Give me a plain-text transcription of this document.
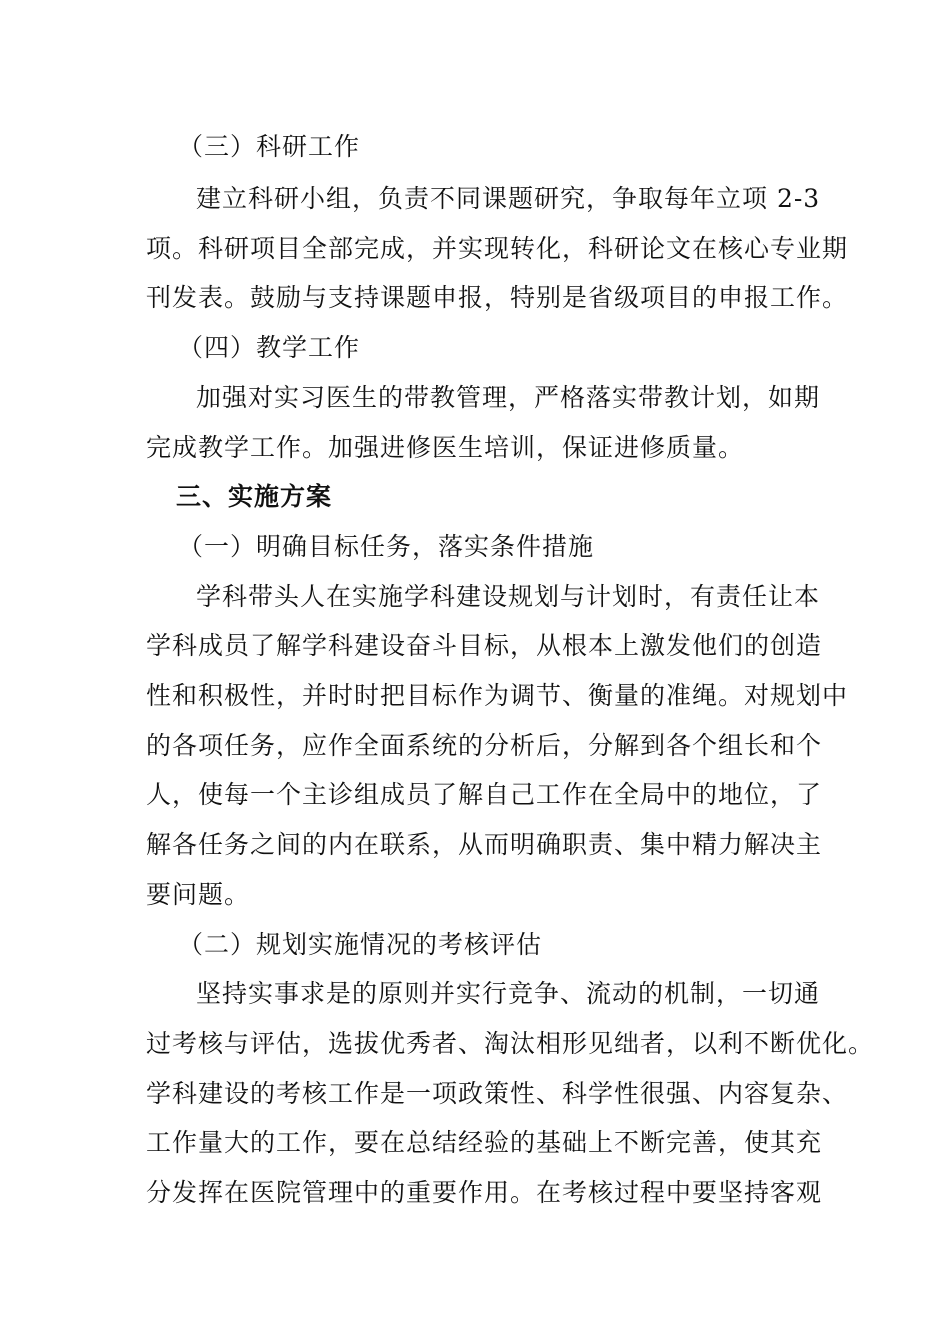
（三）科研工作
建立科研小组，负责不同课题研究，争取每年立项 2-3
项。科研项目全部完成，并实现转化，科研论文在核心专业期
刊发表。鼓励与支持课题申报，特别是省级项目的申报工作。
（四）教学工作
加强对实习医生的带教管理，严格落实带教计划，如期
完成教学工作。加强进修医生培训，保证进修质量。
三、实施方案
（一）明确目标任务，落实条件措施
学科带头人在实施学科建设规划与计划时，有责任让本
学科成员了解学科建设奋斗目标，从根本上激发他们的创造
性和积极性，并时时把目标作为调节、衡量的准绳。对规划中
的各项任务，应作全面系统的分析后，分解到各个组长和个
人，使每一个主诊组成员了解自己工作在全局中的地位，了
解各任务之间的内在联系，从而明确职责、集中精力解决主
要问题。
（二）规划实施情况的考核评估
坚持实事求是的原则并实行竞争、流动的机制，一切通
过考核与评估，选拔优秀者、淘汰相形见绌者，以利不断优化。
学科建设的考核工作是一项政策性、科学性很强、内容复杂、
工作量大的工作，要在总结经验的基础上不断完善，使其充
分发挥在医院管理中的重要作用。在考核过程中要坚持客观
